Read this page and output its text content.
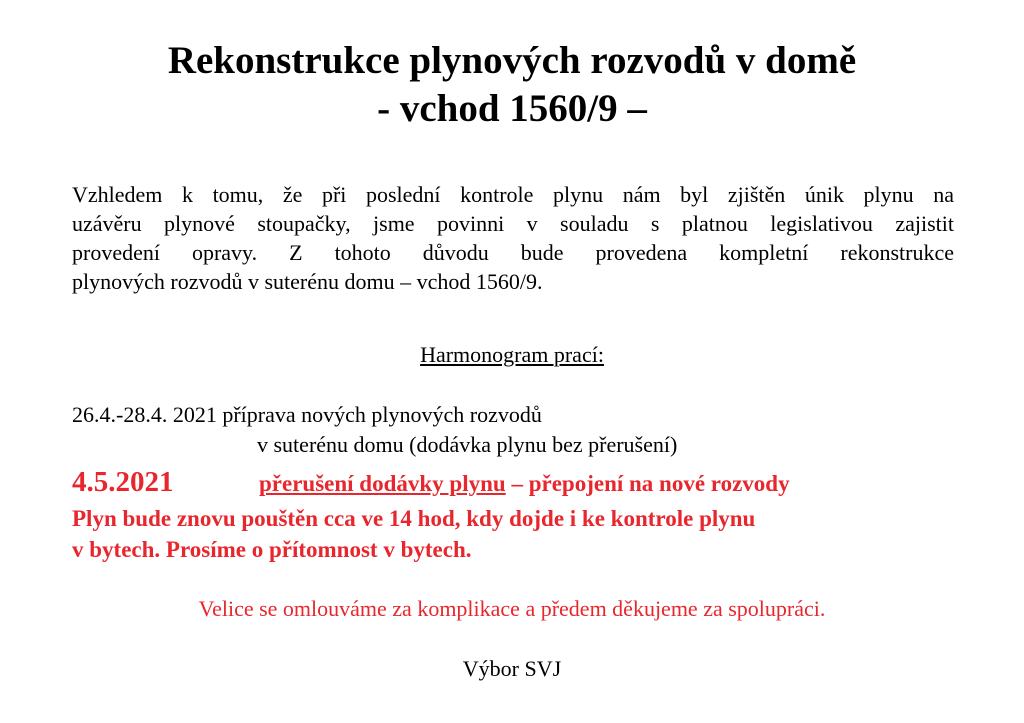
Rekonstrukce plynových rozvodů v domě
- vchod 1560/9 –

Vzhledem k tomu, že při poslední kontrole plynu nám byl zjištěn únik plynu na
uzávěru plynové stoupačky, jsme povinni v souladu s platnou legislativou zajistit
provedení opravy. Z tohoto důvodu bude provedena kompletní rekonstrukce
plynových rozvodů v suterénu domu – vchod 1560/9.

Harmonogram prací:

26.4.-28.4. 2021 příprava nových plynových rozvodů
v suterénu domu (dodávka plynu bez přerušení)
4.5.2021	přerušení dodávky plynu – přepojení na nové rozvody

Plyn bude znovu pouštěn cca ve 14 hod, kdy dojde i ke kontrole plynu
v bytech. Prosíme o přítomnost v bytech.

Velice se omlouváme za komplikace a předem děkujeme za spolupráci.

Výbor SVJ
